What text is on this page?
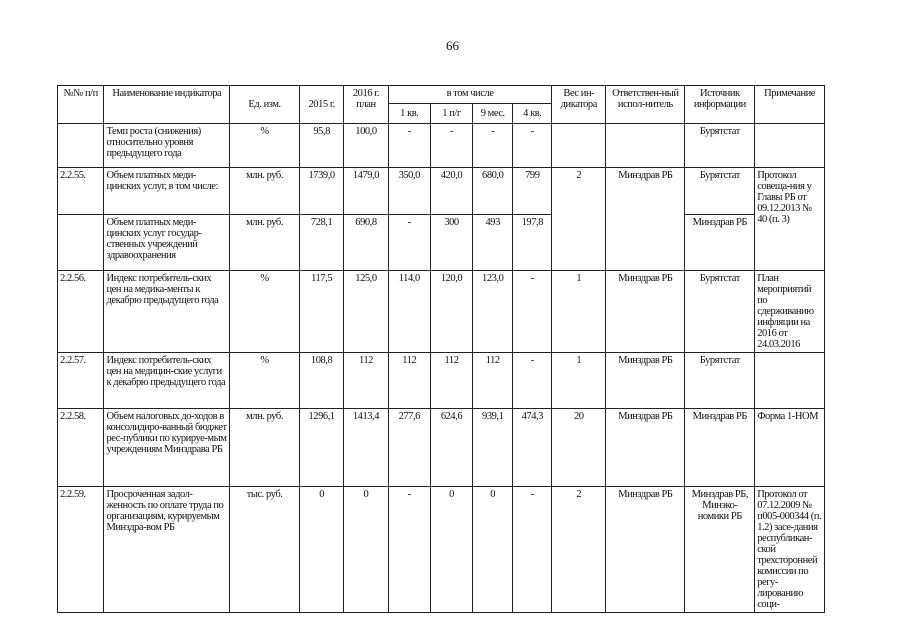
66
№№ п/п	Наименование индикатора	Ед. изм.	2015 г.	2016 г. план	в том числе				Вес ин-дикатора	Ответствен-ный испол-нитель	Источник информации	Примечание
					1 кв.	1 п/г	9 мес.	4 кв.				
	Темп роста (снижения) относительно уровня предыдущего года	%	95,8	100,0	-	-	-	-			Бурятстат	
2.2.55.	Объем платных меди-цинских услуг, в том числе:	млн. руб.	1739,0	1479,0	350,0	420,0	680,0	799	2	Минздрав РБ	Бурятстат	Протокол совеща-ния у Главы РБ от 09.12.2013 № 40 (п. 3)
	Объем платных меди-цинских услуг государ-ственных учреждений здравоохранения	млн. руб.	728,1	690,8	-	300	493	197,8			Минздрав РБ	
2.2.56.	Индекс потребитель-ских цен на медика-менты к декабрю предыдущего года	%	117,5	125,0	114,0	120,0	123,0	-	1	Минздрав РБ	Бурятстат	План мероприятий по сдерживанию инфляции на 2016 от 24.03.2016
2.2.57.	Индекс потребитель-ских цен на медицин-ские услуги к декабрю предыдущего года	%	108,8	112	112	112	112	-	1	Минздрав РБ	Бурятстат	
2.2.58.	Объем налоговых до-ходов в консолидиро-ванный бюджет рес-публики по курируе-мым учреждениям Минздрава РБ	млн. руб.	1296,1	1413,4	277,6	624,6	939,1	474,3	20	Минздрав РБ	Минздрав РБ	Форма 1-НОМ
2.2.59.	Просроченная задол-женность по оплате труда по организациям, курируемым Минздра-вом РБ	тыс. руб.	0	0	-	0	0	-	2	Минздрав РБ	Минздрав РБ, Минэко-номики РБ	Протокол от 07.12.2009 № п005-000344 (п. 1.2) засе-дания республикан-ской трехсторонней комиссии по регу-лированию соци-
